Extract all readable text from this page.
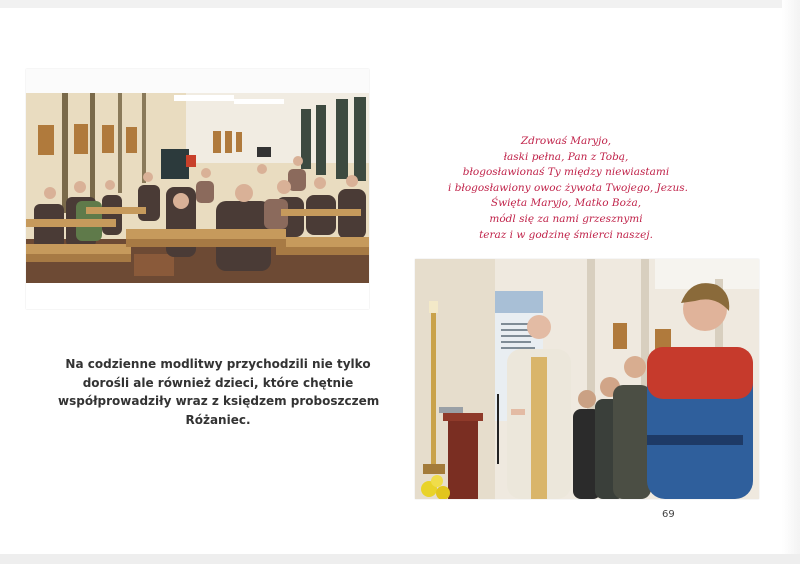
Zdrowaś Maryjo,
łaski pełna, Pan z Tobą,
błogosławionaś Ty między niewiastami
i błogosławiony owoc żywota Twojego, Jezus.
Święta Maryjo, Matko Boża,
módl się za nami grzesznymi
teraz i w godzinę śmierci naszej.
Na codzienne modlitwy przychodzili nie tylko
dorośli ale również dzieci, które chętnie
współprowadziły wraz z księdzem proboszczem
Różaniec.
69
